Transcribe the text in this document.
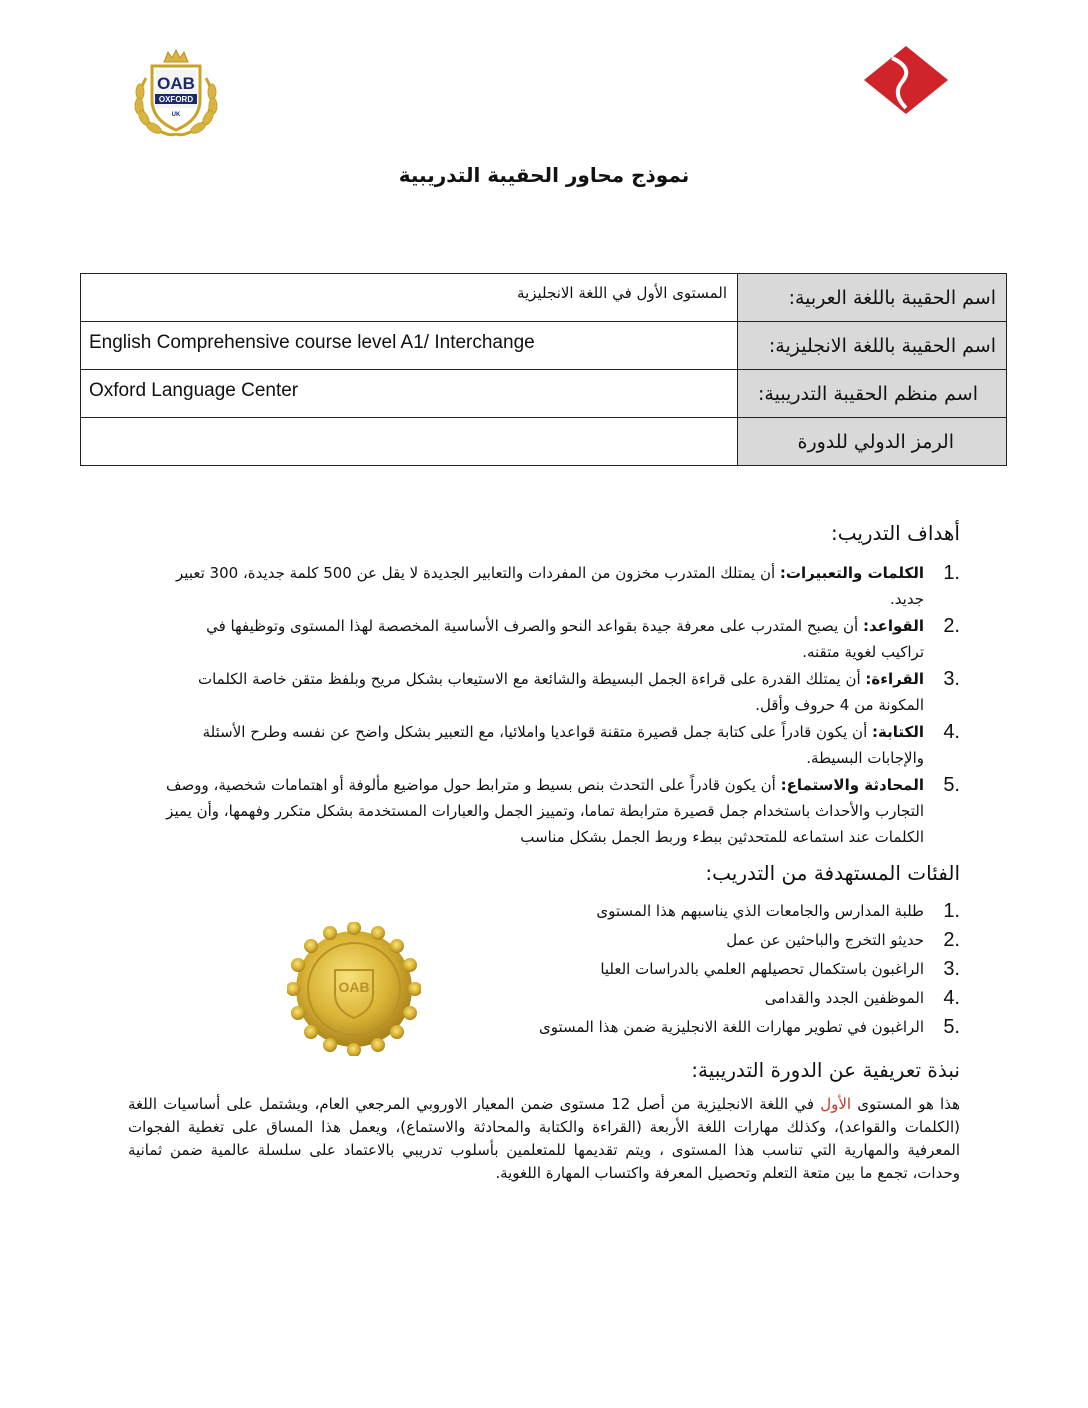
OAB
OXFORD
UK
نموذج محاور الحقيبة التدريبية
المستوى الأول في اللغة الانجليزية	اسم الحقيبة باللغة العربية:

English Comprehensive course level A1/ Interchange	اسم الحقيبة باللغة الانجليزية:

Oxford Language Center	اسم منظم الحقيبة التدريبية:

	الرمز الدولي للدورة
أهداف التدريب:
1.
الكلمات والتعبيرات: أن يمتلك المتدرب مخزون من المفردات والتعابير الجديدة لا يقل عن 500 كلمة جديدة، 300 تعبير جديد.
2.
القواعد: أن يصبح المتدرب على معرفة جيدة بقواعد النحو والصرف الأساسية المخصصة لهذا المستوى وتوظيفها في تراكيب لغوية متقنه.
3.
القراءة: أن يمتلك القدرة على قراءة الجمل البسيطة والشائعة مع الاستيعاب بشكل مريح وبلفظ متقن خاصة الكلمات المكونة من 4 حروف وأقل.
4.
الكتابة: أن يكون قادراً على كتابة جمل قصيرة متقنة قواعديا واملائيا، مع التعبير بشكل واضح عن نفسه وطرح الأسئلة والإجابات البسيطة.
5.
المحادثة والاستماع: أن يكون قادراً على التحدث بنص بسيط و مترابط حول مواضيع مألوفة أو اهتمامات شخصية، ووصف التجارب والأحداث باستخدام جمل قصيرة مترابطة تماما، وتمييز الجمل والعبارات المستخدمة بشكل متكرر وفهمها، وأن يميز الكلمات عند استماعه للمتحدثين ببطء وربط الجمل بشكل مناسب
الفئات المستهدفة من التدريب:
1.
طلبة المدارس والجامعات الذي يناسبهم هذا المستوى
2.
حديثو التخرج والباحثين عن عمل
3.
الراغبون باستكمال تحصيلهم العلمي بالدراسات العليا
4.
الموظفين الجدد والقدامى
5.
الراغبون في تطوير مهارات اللغة الانجليزية ضمن هذا المستوى
OAB
نبذة تعريفية عن الدورة التدريبية:
هذا هو المستوى الأول في اللغة الانجليزية من أصل 12 مستوى ضمن المعيار الاوروبي المرجعي العام، ويشتمل على أساسيات اللغة (الكلمات والقواعد)، وكذلك مهارات اللغة الأربعة (القراءة والكتابة والمحادثة والاستماع)، ويعمل هذا المساق على تغطية الفجوات المعرفية والمهارية التي تناسب هذا المستوى ، ويتم تقديمها للمتعلمين بأسلوب تدريبي بالاعتماد على سلسلة عالمية ضمن ثمانية وحدات، تجمع ما بين متعة التعلم وتحصيل المعرفة واكتساب المهارة اللغوية.
